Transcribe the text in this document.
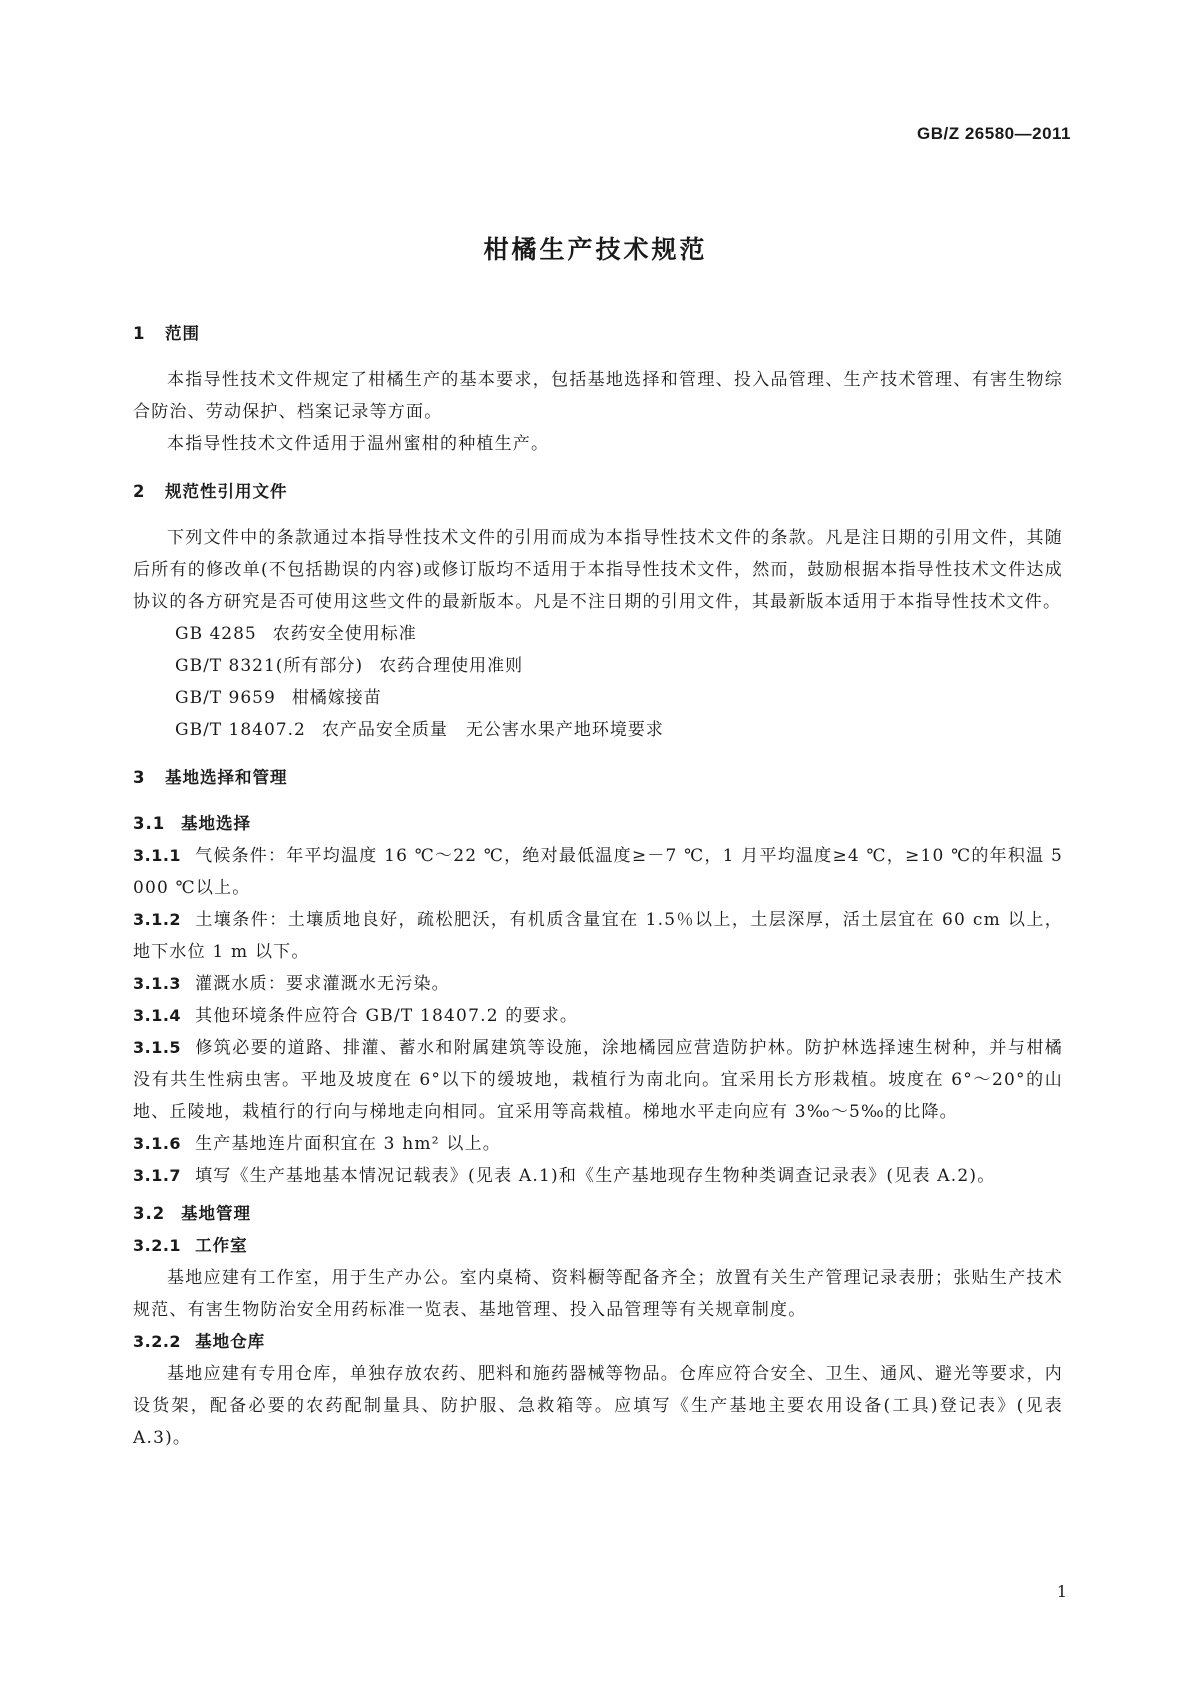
GB/Z 26580—2011
柑橘生产技术规范
1 范围

本指导性技术文件规定了柑橘生产的基本要求，包括基地选择和管理、投入品管理、生产技术管理、有害生物综合防治、劳动保护、档案记录等方面。

本指导性技术文件适用于温州蜜柑的种植生产。

2 规范性引用文件

下列文件中的条款通过本指导性技术文件的引用而成为本指导性技术文件的条款。凡是注日期的引用文件，其随后所有的修改单(不包括勘误的内容)或修订版均不适用于本指导性技术文件，然而，鼓励根据本指导性技术文件达成协议的各方研究是否可使用这些文件的最新版本。凡是不注日期的引用文件，其最新版本适用于本指导性技术文件。

GB 4285 农药安全使用标准

GB/T 8321(所有部分) 农药合理使用准则

GB/T 9659 柑橘嫁接苗

GB/T 18407.2 农产品安全质量　无公害水果产地环境要求

3 基地选择和管理
3.1 基地选择

3.1.1 气候条件：年平均温度 16 ℃～22 ℃，绝对最低温度≥－7 ℃，1 月平均温度≥4 ℃，≥10 ℃的年积温 5 000 ℃以上。

3.1.2 土壤条件：土壤质地良好，疏松肥沃，有机质含量宜在 1.5％以上，土层深厚，活土层宜在 60 cm 以上，地下水位 1 m 以下。

3.1.3 灌溉水质：要求灌溉水无污染。

3.1.4 其他环境条件应符合 GB/T 18407.2 的要求。

3.1.5 修筑必要的道路、排灌、蓄水和附属建筑等设施，涂地橘园应营造防护林。防护林选择速生树种，并与柑橘没有共生性病虫害。平地及坡度在 6°以下的缓坡地，栽植行为南北向。宜采用长方形栽植。坡度在 6°～20°的山地、丘陵地，栽植行的行向与梯地走向相同。宜采用等高栽植。梯地水平走向应有 3‰～5‰的比降。

3.1.6 生产基地连片面积宜在 3 hm² 以上。

3.1.7 填写《生产基地基本情况记载表》(见表 A.1)和《生产基地现存生物种类调查记录表》(见表 A.2)。

3.2 基地管理

3.2.1 工作室

基地应建有工作室，用于生产办公。室内桌椅、资料橱等配备齐全；放置有关生产管理记录表册；张贴生产技术规范、有害生物防治安全用药标准一览表、基地管理、投入品管理等有关规章制度。

3.2.2 基地仓库

基地应建有专用仓库，单独存放农药、肥料和施药器械等物品。仓库应符合安全、卫生、通风、避光等要求，内设货架，配备必要的农药配制量具、防护服、急救箱等。应填写《生产基地主要农用设备(工具)登记表》(见表 A.3)。

1
